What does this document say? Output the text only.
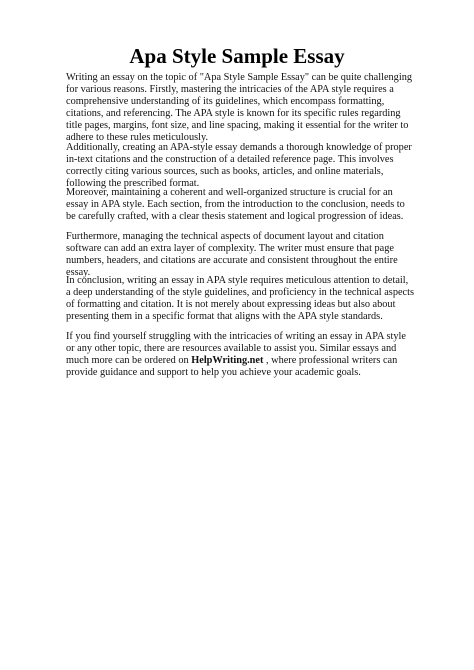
Apa Style Sample Essay

Writing an essay on the topic of "Apa Style Sample Essay" can be quite challenging for various reasons. Firstly, mastering the intricacies of the APA style requires a comprehensive understanding of its guidelines, which encompass formatting, citations, and referencing. The APA style is known for its specific rules regarding title pages, margins, font size, and line spacing, making it essential for the writer to adhere to these rules meticulously.

Additionally, creating an APA-style essay demands a thorough knowledge of proper in-text citations and the construction of a detailed reference page. This involves correctly citing various sources, such as books, articles, and online materials, following the prescribed format.

Moreover, maintaining a coherent and well-organized structure is crucial for an essay in APA style. Each section, from the introduction to the conclusion, needs to be carefully crafted, with a clear thesis statement and logical progression of ideas.

Furthermore, managing the technical aspects of document layout and citation software can add an extra layer of complexity. The writer must ensure that page numbers, headers, and citations are accurate and consistent throughout the entire essay.

In conclusion, writing an essay in APA style requires meticulous attention to detail, a deep understanding of the style guidelines, and proficiency in the technical aspects of formatting and citation. It is not merely about expressing ideas but also about presenting them in a specific format that aligns with the APA style standards.

If you find yourself struggling with the intricacies of writing an essay in APA style or any other topic, there are resources available to assist you. Similar essays and much more can be ordered on HelpWriting.net , where professional writers can provide guidance and support to help you achieve your academic goals.
